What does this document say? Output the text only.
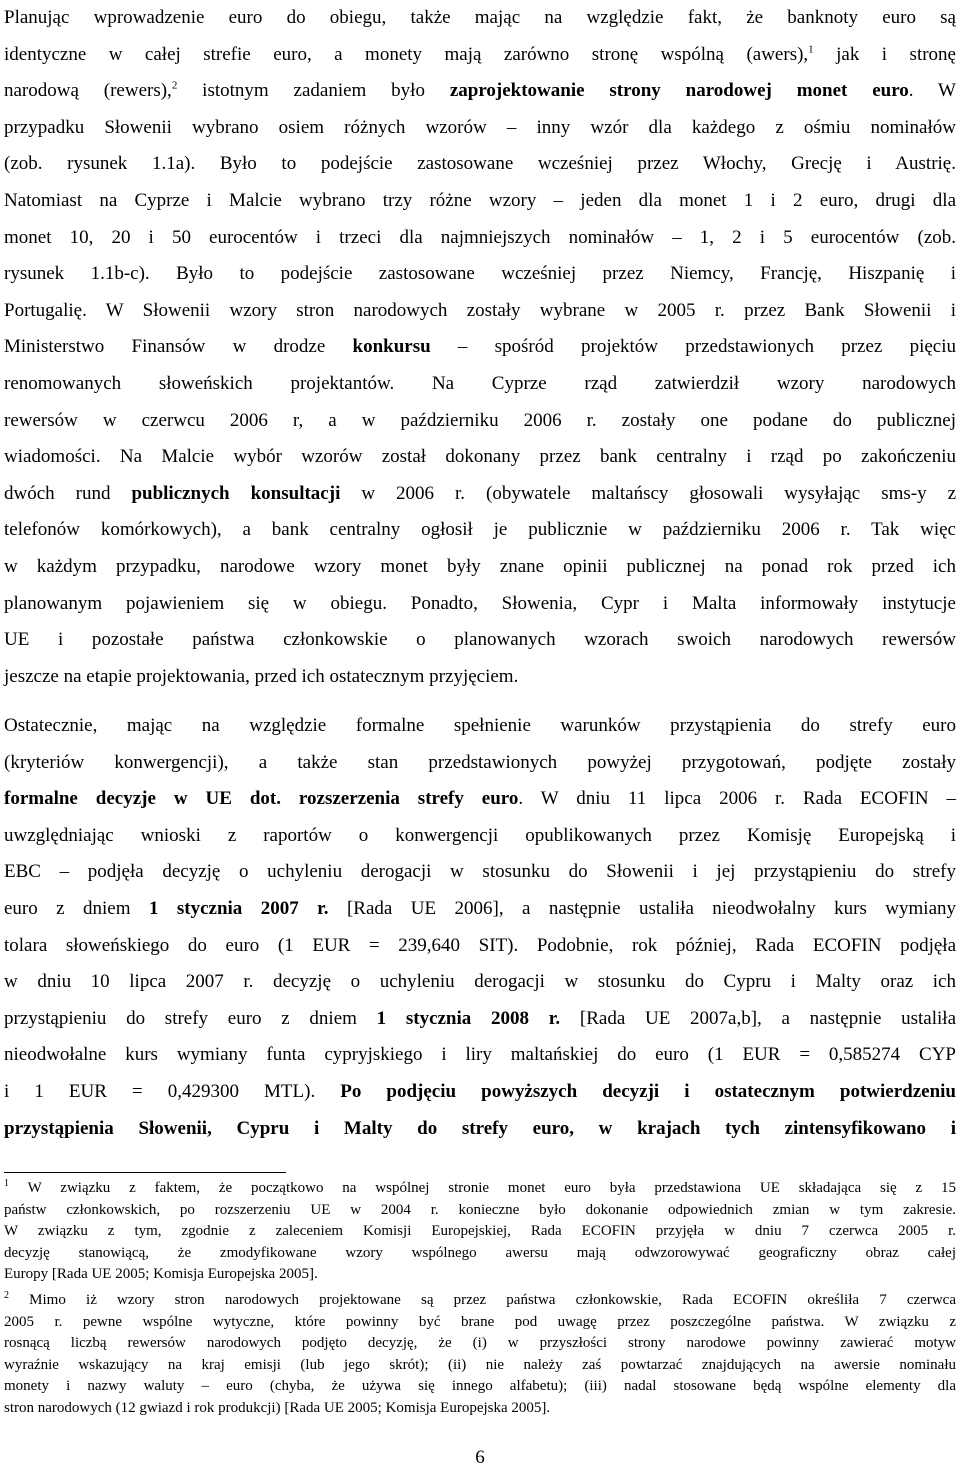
Planując wprowadzenie euro do obiegu, także mając na względzie fakt, że banknoty euro są
identyczne w całej strefie euro, a monety mają zarówno stronę wspólną (awers),$^1$ jak i stronę
narodową (rewers),$^2$ istotnym zadaniem było zaprojektowanie strony narodowej monet euro. W
przypadku Słowenii wybrano osiem różnych wzorów – inny wzór dla każdego z ośmiu nominałów
(zob. rysunek 1.1a). Było to podejście zastosowane wcześniej przez Włochy, Grecję i Austrię.
Natomiast na Cyprze i Malcie wybrano trzy różne wzory – jeden dla monet 1 i 2 euro, drugi dla
monet 10, 20 i 50 eurocentów i trzeci dla najmniejszych nominałów – 1, 2 i 5 eurocentów (zob.
rysunek 1.1b-c). Było to podejście zastosowane wcześniej przez Niemcy, Francję, Hiszpanię i
Portugalię. W Słowenii wzory stron narodowych zostały wybrane w 2005 r. przez Bank Słowenii i
Ministerstwo Finansów w drodze konkursu – spośród projektów przedstawionych przez pięciu
renomowanych słoweńskich projektantów. Na Cyprze rząd zatwierdził wzory narodowych
rewersów w czerwcu 2006 r, a w październiku 2006 r. zostały one podane do publicznej
wiadomości. Na Malcie wybór wzorów został dokonany przez bank centralny i rząd po zakończeniu
dwóch rund publicznych konsultacji w 2006 r. (obywatele maltańscy głosowali wysyłając sms-y z
telefonów komórkowych), a bank centralny ogłosił je publicznie w październiku 2006 r. Tak więc
w każdym przypadku, narodowe wzory monet były znane opinii publicznej na ponad rok przed ich
planowanym pojawieniem się w obiegu. Ponadto, Słowenia, Cypr i Malta informowały instytucje
UE i pozostałe państwa członkowskie o planowanych wzorach swoich narodowych rewersów
jeszcze na etapie projektowania, przed ich ostatecznym przyjęciem.
Ostatecznie, mając na względzie formalne spełnienie warunków przystąpienia do strefy euro
(kryteriów konwergencji), a także stan przedstawionych powyżej przygotowań, podjęte zostały
formalne decyzje w UE dot. rozszerzenia strefy euro. W dniu 11 lipca 2006 r. Rada ECOFIN –
uwzględniając wnioski z raportów o konwergencji opublikowanych przez Komisję Europejską i
EBC – podjęła decyzję o uchyleniu derogacji w stosunku do Słowenii i jej przystąpieniu do strefy
euro z dniem 1 stycznia 2007 r. [Rada UE 2006], a następnie ustaliła nieodwołalny kurs wymiany
tolara słoweńskiego do euro (1 EUR = 239,640 SIT). Podobnie, rok później, Rada ECOFIN podjęła
w dniu 10 lipca 2007 r. decyzję o uchyleniu derogacji w stosunku do Cypru i Malty oraz ich
przystąpieniu do strefy euro z dniem 1 stycznia 2008 r. [Rada UE 2007a,b], a następnie ustaliła
nieodwołalne kurs wymiany funta cypryjskiego i liry maltańskiej do euro (1 EUR = 0,585274 CYP
i 1 EUR = 0,429300 MTL). Po podjęciu powyższych decyzji i ostatecznym potwierdzeniu
przystąpienia Słowenii, Cypru i Malty do strefy euro, w krajach tych zintensyfikowano i
$^1$ W związku z faktem, że początkowo na wspólnej stronie monet euro była przedstawiona UE składająca się z 15
państw członkowskich, po rozszerzeniu UE w 2004 r. konieczne było dokonanie odpowiednich zmian w tym zakresie.
W związku z tym, zgodnie z zaleceniem Komisji Europejskiej, Rada ECOFIN przyjęła w dniu 7 czerwca 2005 r.
decyzję stanowiącą, że zmodyfikowane wzory wspólnego awersu mają odwzorowywać geograficzny obraz całej
Europy [Rada UE 2005; Komisja Europejska 2005].
$^2$ Mimo iż wzory stron narodowych projektowane są przez państwa członkowskie, Rada ECOFIN określiła 7 czerwca
2005 r. pewne wspólne wytyczne, które powinny być brane pod uwagę przez poszczególne państwa. W związku z
rosnącą liczbą rewersów narodowych podjęto decyzję, że (i) w przyszłości strony narodowe powinny zawierać motyw
wyraźnie wskazujący na kraj emisji (lub jego skrót); (ii) nie należy zaś powtarzać znajdujących na awersie nominału
monety i nazwy waluty – euro (chyba, że używa się innego alfabetu); (iii) nadal stosowane będą wspólne elementy dla
stron narodowych (12 gwiazd i rok produkcji) [Rada UE 2005; Komisja Europejska 2005].
6
